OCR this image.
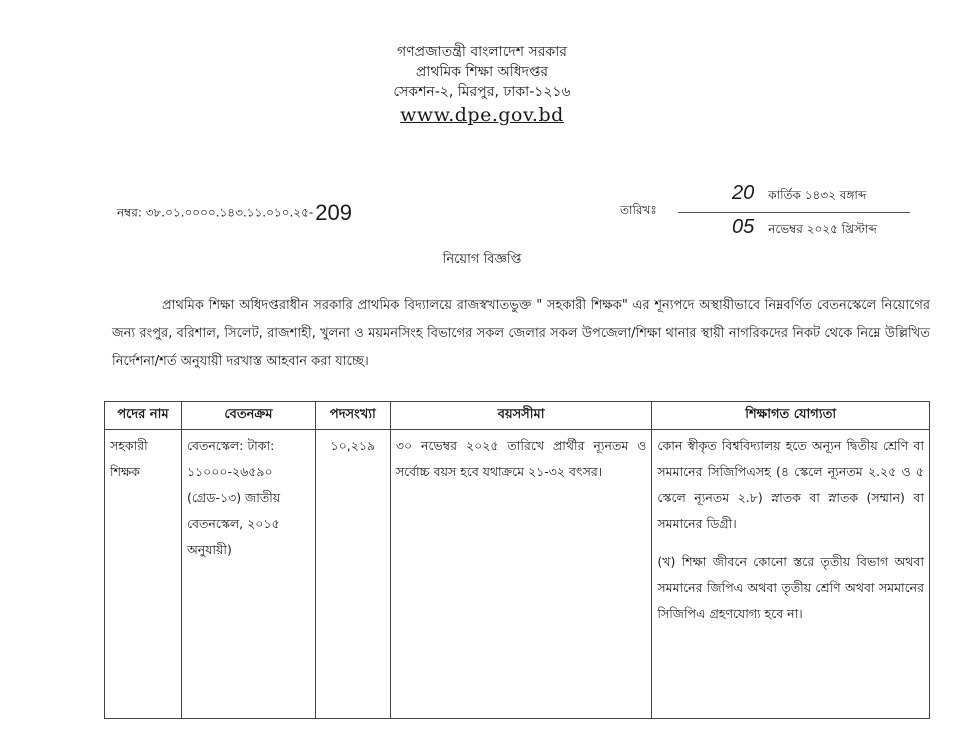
গণপ্রজাতন্ত্রী বাংলাদেশ সরকার
প্রাথমিক শিক্ষা অধিদপ্তর
সেকশন-২, মিরপুর, ঢাকা-১২১৬
www.dpe.gov.bd
নম্বর: ৩৮.০১.০০০০.১৪৩.১১.০১০.২৫-209	তারিখঃ
20 কার্তিক ১৪৩২ বঙ্গাব্দ
05 নভেম্বর ২০২৫ খ্রিস্টাব্দ
নিয়োগ বিজ্ঞপ্তি
প্রাথমিক শিক্ষা অধিদপ্তরাধীন সরকারি প্রাথমিক বিদ্যালয়ে রাজস্বখাতভুক্ত " সহকারী শিক্ষক" এর শূন্যপদে অস্থায়ীভাবে নিম্নবর্ণিত বেতনস্কেলে নিয়োগের জন্য রংপুর, বরিশাল, সিলেট, রাজশাহী, খুলনা ও ময়মনসিংহ বিভাগের সকল জেলার সকল উপজেলা/শিক্ষা থানার স্থায়ী নাগরিকদের নিকট থেকে নিম্নে উল্লিখিত নির্দেশনা/শর্ত অনুযায়ী দরখাস্ত আহবান করা যাচ্ছে।
পদের নাম	বেতনক্রম	পদসংখ্যা	বয়সসীমা	শিক্ষাগত যোগ্যতা
সহকারী শিক্ষক	বেতনস্কেল: টাকা: ১১০০০-২৬৫৯০ (গ্রেড-১৩) জাতীয় বেতনস্কেল, ২০১৫ অনুযায়ী)	১০,২১৯	৩০ নভেম্বর ২০২৫ তারিখে প্রার্থীর ন্যূনতম ও সর্বোচ্চ বয়স হবে যথাক্রমে ২১-৩২ বৎসর।	কোন স্বীকৃত বিশ্ববিদ্যালয় হতে অন্যূন দ্বিতীয় শ্রেণি বা সমমানের সিজিপিএসহ (৪ স্কেলে ন্যূনতম ২.২৫ ও ৫ স্কেলে ন্যূনতম ২.৮) স্নাতক বা স্নাতক (সম্মান) বা সমমানের ডিগ্রী।
(খ) শিক্ষা জীবনে কোনো স্তরে তৃতীয় বিভাগ অথবা সমমানের জিপিএ অথবা তৃতীয় শ্রেণি অথবা সমমানের সিজিপিএ গ্রহণযোগ্য হবে না।
